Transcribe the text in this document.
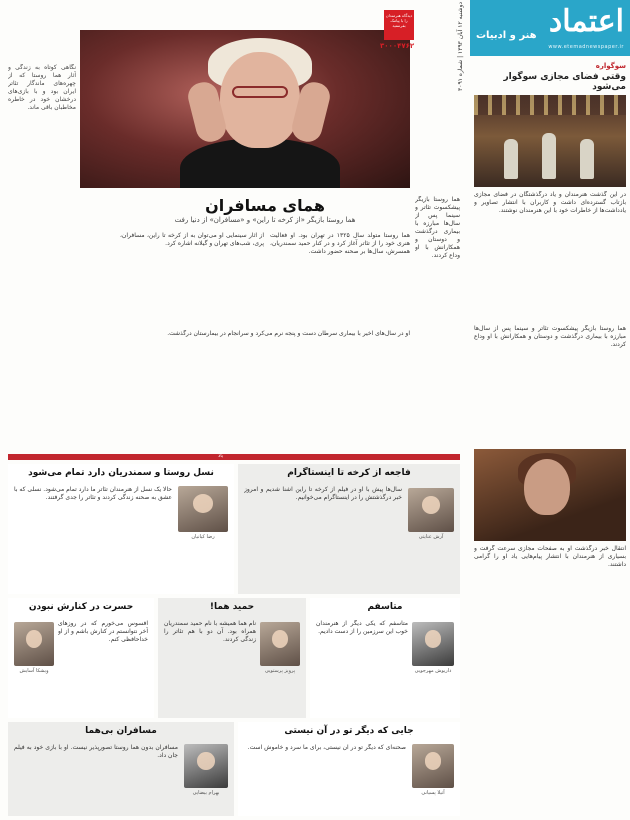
اعتماد
هنر و ادبیات
www.etemadnewspaper.ir
دوشنبه ۱۲ آبان ۱۳۹۳ | شماره ۳۰۹۱
سوگواره
وقتی فضای مجازی سوگوار می‌شود
در این گذشت هنرمندان و یاد درگذشتگان در فضای مجازی بازتاب گسترده‌ای داشت و کاربران با انتشار تصاویر و یادداشت‌ها از خاطرات خود با این هنرمندان نوشتند.
هما روستا بازیگر پیشکسوت تئاتر و سینما پس از سال‌ها مبارزه با بیماری درگذشت و دوستان و همکارانش با او وداع کردند.
انتقال خبر درگذشت او به صفحات مجازی سرعت گرفت و بسیاری از هنرمندان با انتشار پیام‌هایی یاد او را گرامی داشتند.
دیدگاه هنرمندان را با پیامک بفرستید
۳۰۰۰۴۷۶۲
همای مسافران
هما روستا بازیگر «از کرخه تا راین» و «مسافران» از دنیا رفت
هما روستا متولد سال ۱۳۲۵ در تهران بود. او فعالیت هنری خود را از تئاتر آغاز کرد و در کنار حمید سمندریان، همسرش، سال‌ها بر صحنه حضور داشت.
از آثار سینمایی او می‌توان به از کرخه تا راین، مسافران، پری، شب‌های تهران و گیلانه اشاره کرد.
او در سال‌های اخیر با بیماری سرطان دست و پنجه نرم می‌کرد و سرانجام در بیمارستان درگذشت.
هما روستا بازیگر پیشکسوت تئاتر و سینما پس از سال‌ها مبارزه با بیماری درگذشت و دوستان و همکارانش با او وداع کردند.
نگاهی کوتاه به زندگی و آثار هما روستا که از چهره‌های ماندگار تئاتر ایران بود و با بازی‌های درخشان خود در خاطره مخاطبان باقی ماند.
یاد
نسل روستا و سمندریان دارد تمام می‌شود
رضا کیانیان
حالا یک نسل از هنرمندان تئاتر ما دارد تمام می‌شود. نسلی که با عشق به صحنه زندگی کردند و تئاتر را جدی گرفتند.
فاجعه از کرخه تا اینستاگرام
آرش عنایتی
سال‌ها پیش با او در فیلم از کرخه تا راین آشنا شدیم و امروز خبر درگذشتش را در اینستاگرام می‌خوانیم.
حسرت در کنارش نبودن
ویشکا آسایش
افسوس می‌خورم که در روزهای آخر نتوانستم در کنارش باشم و از او خداحافظی کنم.
حمید هما!
پرویز پرستویی
نام هما همیشه با نام حمید سمندریان همراه بود. آن دو با هم تئاتر را زندگی کردند.
متاسفم
داریوش مهرجویی
متاسفم که یکی دیگر از هنرمندان خوب این سرزمین را از دست دادیم.
مسافران بی‌هما
بهرام بیضایی
مسافران بدون هما روستا تصورپذیر نیست. او با بازی خود به فیلم جان داد.
جایی که دیگر تو در آن نیستی
آتیلا پسیانی
صحنه‌ای که دیگر تو در آن نیستی، برای ما سرد و خاموش است.
